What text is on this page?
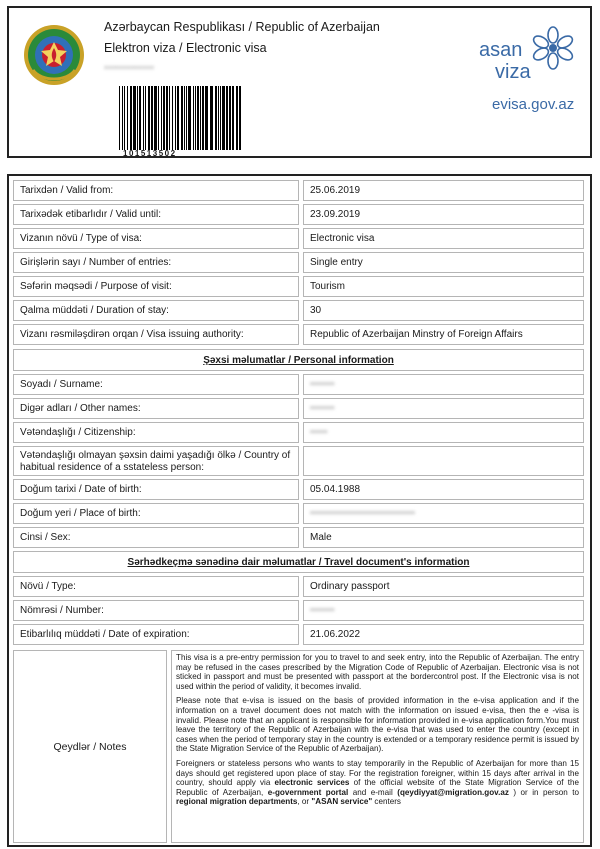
Azərbaycan Respublikası / Republic of Azerbaijan
Elektron viza / Electronic visa
•••••••••••••
101513502
asan
viza
evisa.gov.az
Tarixdən / Valid from:	25.06.2019
Tarixədək etibarlıdır / Valid until:	23.09.2019
Vizanın növü / Type of visa:	Electronic visa
Girişlərin sayı / Number of entries:	Single entry
Səfərin məqsədi / Purpose of visit:	Tourism
Qalma müddəti / Duration of stay:	30
Vizanı rəsmiləşdirən orqan / Visa issuing authority:	Republic of Azerbaijan Minstry of Foreign Affairs
Şəxsi məlumatlar / Personal information
Soyadı / Surname:	•••••••
Digər adları / Other names:	•••••••
Vətəndaşlığı / Citizenship:	•••••
Vətəndaşlığı olmayan şəxsin daimi yaşadığı ölkə / Country of habitual residence of a sstateless person:
Doğum tarixi / Date of birth:	05.04.1988
Doğum yeri / Place of birth:	••••••••••••••••••••••••••••••
Cinsi / Sex:	Male
Sərhədkeçmə sənədinə dair məlumatlar / Travel document's information
Növü / Type:	Ordinary passport
Nömrəsi / Number:	•••••••
Etibarlılıq müddəti / Date of expiration:	21.06.2022
Qeydlər / Notes

This visa is a pre-entry permission for you to travel to and seek entry, into the Republic of Azerbaijan. The entry may be refused in the cases prescribed by the Migration Code of Republic of Azerbaijan. Electronic visa is not sticked in passport and must be presented with passport at the bordercontrol post. If the Electronic visa is not used within the period of validity, it becomes invalid.

Please note that e-visa is issued on the basis of provided information in the e-visa application and if the information on a travel document does not match with the information on issued e-visa, then the e -visa is invalid. Please note that an applicant is responsible for information provided in e-visa application form.You must leave the territory of the Republic of Azerbaijan with the e-visa that was used to enter the country (except in cases when the period of temporary stay in the country is extended or a temporary residence permit is issued by the State Migration Service of the Republic of Azerbaijan).

Foreigners or stateless persons who wants to stay temporarily in the Republic of Azerbaijan for more than 15 days should get registered upon place of stay. For the registration foreigner, within 15 days after arrival in the country, should apply via electronic services of the official website of the State Migration Service of the Republic of Azerbaijan, e-government portal and e-mail (qeydiyyat@migration.gov.az ) or in person to regional migration departments, or "ASAN service" centers
